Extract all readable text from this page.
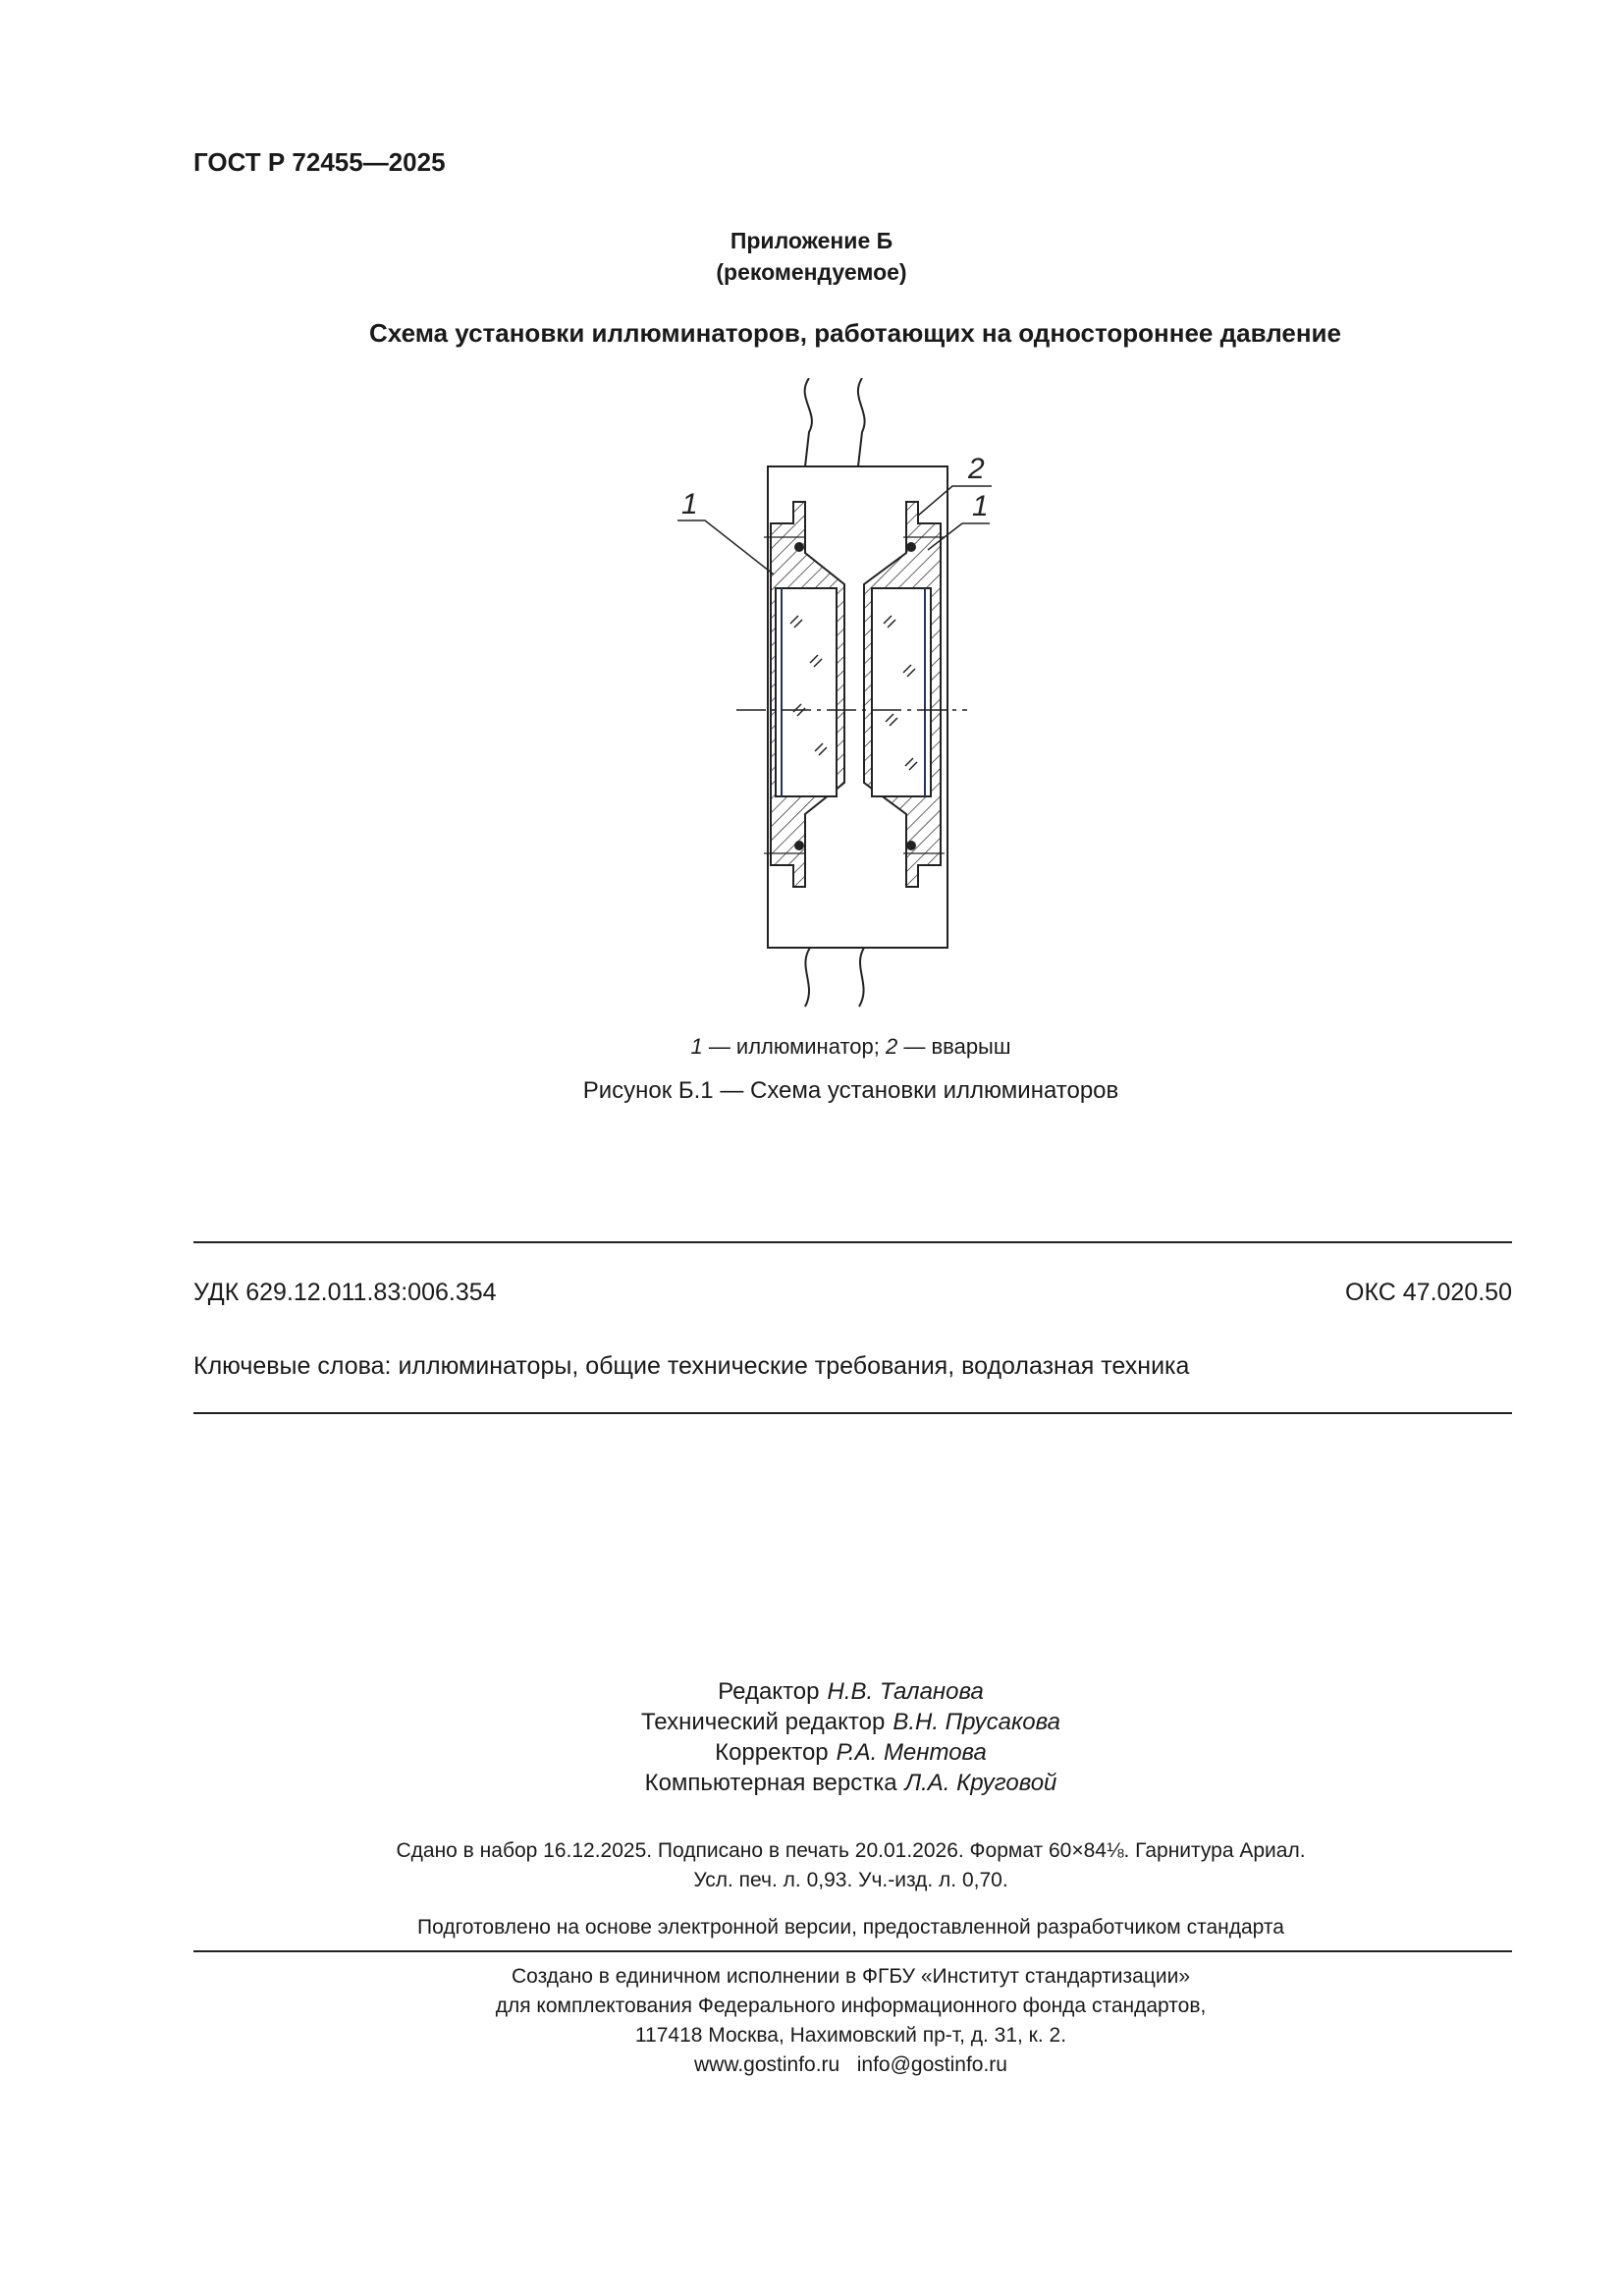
ГОСТ Р 72455—2025
Приложение Б
(рекомендуемое)
Схема установки иллюминаторов, работающих на одностороннее давление
1
2
1
1 — иллюминатор; 2 — вварыш
Рисунок Б.1 — Схема установки иллюминаторов
УДК 629.12.011.83:006.354	ОКС 47.020.50
Ключевые слова: иллюминаторы, общие технические требования, водолазная техника
Редактор Н.В. Таланова
Технический редактор В.Н. Прусакова
Корректор Р.А. Ментова
Компьютерная верстка Л.А. Круговой
Сдано в набор 16.12.2025. Подписано в печать 20.01.2026. Формат 60×84⅛. Гарнитура Ариал.
Усл. печ. л. 0,93. Уч.-изд. л. 0,70.
Подготовлено на основе электронной версии, предоставленной разработчиком стандарта
Создано в единичном исполнении в ФГБУ «Институт стандартизации»
для комплектования Федерального информационного фонда стандартов,
117418 Москва, Нахимовский пр-т, д. 31, к. 2.
www.gostinfo.ru info@gostinfo.ru
